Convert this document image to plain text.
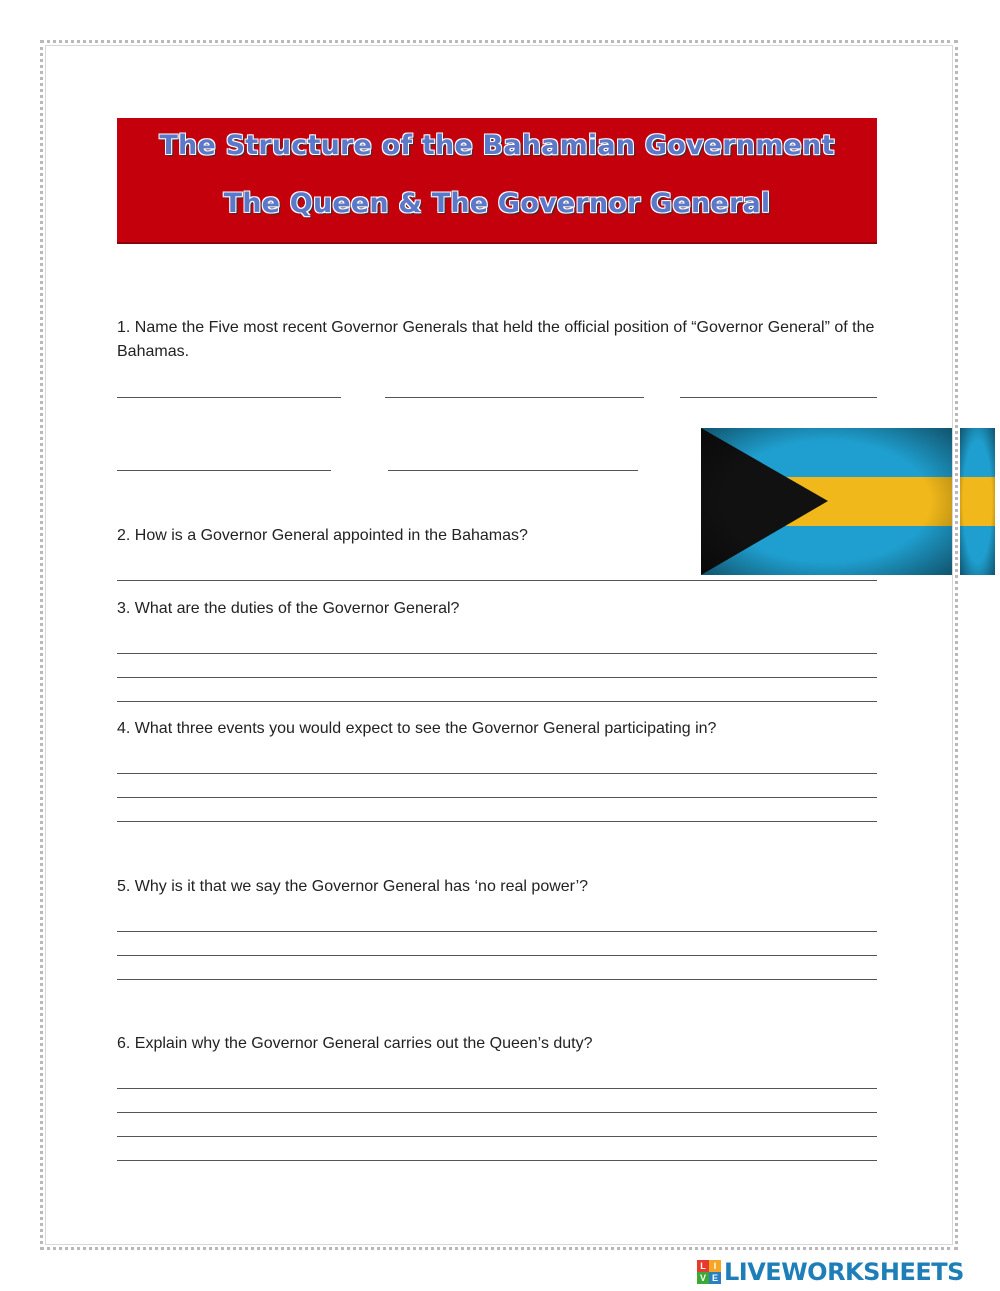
The Structure of the Bahamian Government
The Queen & The Governor General
1. Name the Five most recent Governor Generals that held the official position of “Governor General” of the Bahamas.
2. How is a Governor General appointed in the Bahamas?
3. What are the duties of the Governor General?
4. What three events you would expect to see the Governor General participating in?
5. Why is it that we say the Governor General has ‘no real power’?
6. Explain why the Governor General carries out the Queen’s duty?
L I
V E LIVEWORKSHEETS
